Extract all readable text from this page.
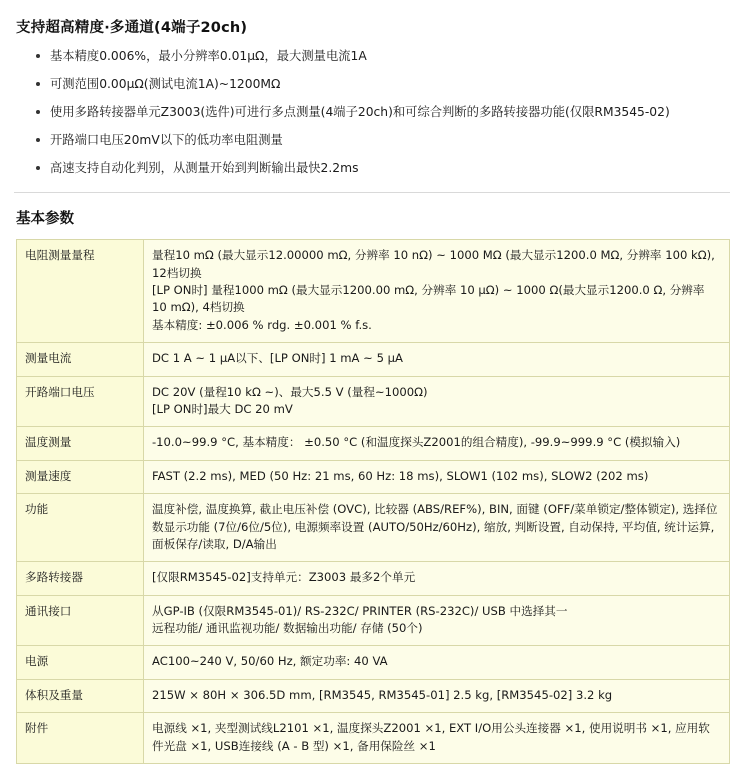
支持超高精度·多通道(4端子20ch)
基本精度0.006%，最小分辨率0.01μΩ，最大测量电流1A
可测范围0.00μΩ(测试电流1A)~1200MΩ
使用多路转接器单元Z3003(选件)可进行多点测量(4端子20ch)和可综合判断的多路转接器功能(仅限RM3545-02)
开路端口电压20mV以下的低功率电阻测量
高速支持自动化判别，从测量开始到判断输出最快2.2ms
基本参数
电阻测量量程	量程10 mΩ (最大显示12.00000 mΩ, 分辨率 10 nΩ) ~ 1000 MΩ (最大显示1200.0 MΩ, 分辨率 100 kΩ), 12档切换
[LP ON时] 量程1000 mΩ (最大显示1200.00 mΩ, 分辨率 10 μΩ) ~ 1000 Ω(最大显示1200.0 Ω, 分辨率 10 mΩ), 4档切换
基本精度: ±0.006 % rdg. ±0.001 % f.s.

测量电流	DC 1 A ~ 1 μA以下、[LP ON时] 1 mA ~ 5 μA

开路端口电压	DC 20V (量程10 kΩ ~)、最大5.5 V (量程~1000Ω)
[LP ON时]最大 DC 20 mV

温度测量	-10.0~99.9 °C, 基本精度： ±0.50 °C (和温度探头Z2001的组合精度), -99.9~999.9 °C (模拟输入)

测量速度	FAST (2.2 ms), MED (50 Hz: 21 ms, 60 Hz: 18 ms), SLOW1 (102 ms), SLOW2 (202 ms)

功能	温度补偿, 温度换算, 截止电压补偿 (OVC), 比较器 (ABS/REF%), BIN, 面键 (OFF/菜单锁定/整体锁定), 选择位数显示功能 (7位/6位/5位), 电源频率设置 (AUTO/50Hz/60Hz), 缩放, 判断设置, 自动保持, 平均值, 统计运算, 面板保存/读取, D/A输出

多路转接器	[仅限RM3545-02]支持单元：Z3003 最多2个单元

通讯接口	从GP-IB (仅限RM3545-01)/ RS-232C/ PRINTER (RS-232C)/ USB 中选择其一
远程功能/ 通讯监视功能/ 数据输出功能/ 存储 (50个)

电源	AC100~240 V, 50/60 Hz, 额定功率: 40 VA

体积及重量	215W × 80H × 306.5D mm, [RM3545, RM3545-01] 2.5 kg, [RM3545-02] 3.2 kg

附件	电源线 ×1, 夹型测试线L2101 ×1, 温度探头Z2001 ×1, EXT I/O用公头连接器 ×1, 使用说明书 ×1, 应用软件光盘 ×1, USB连接线 (A - B 型) ×1, 备用保险丝 ×1
